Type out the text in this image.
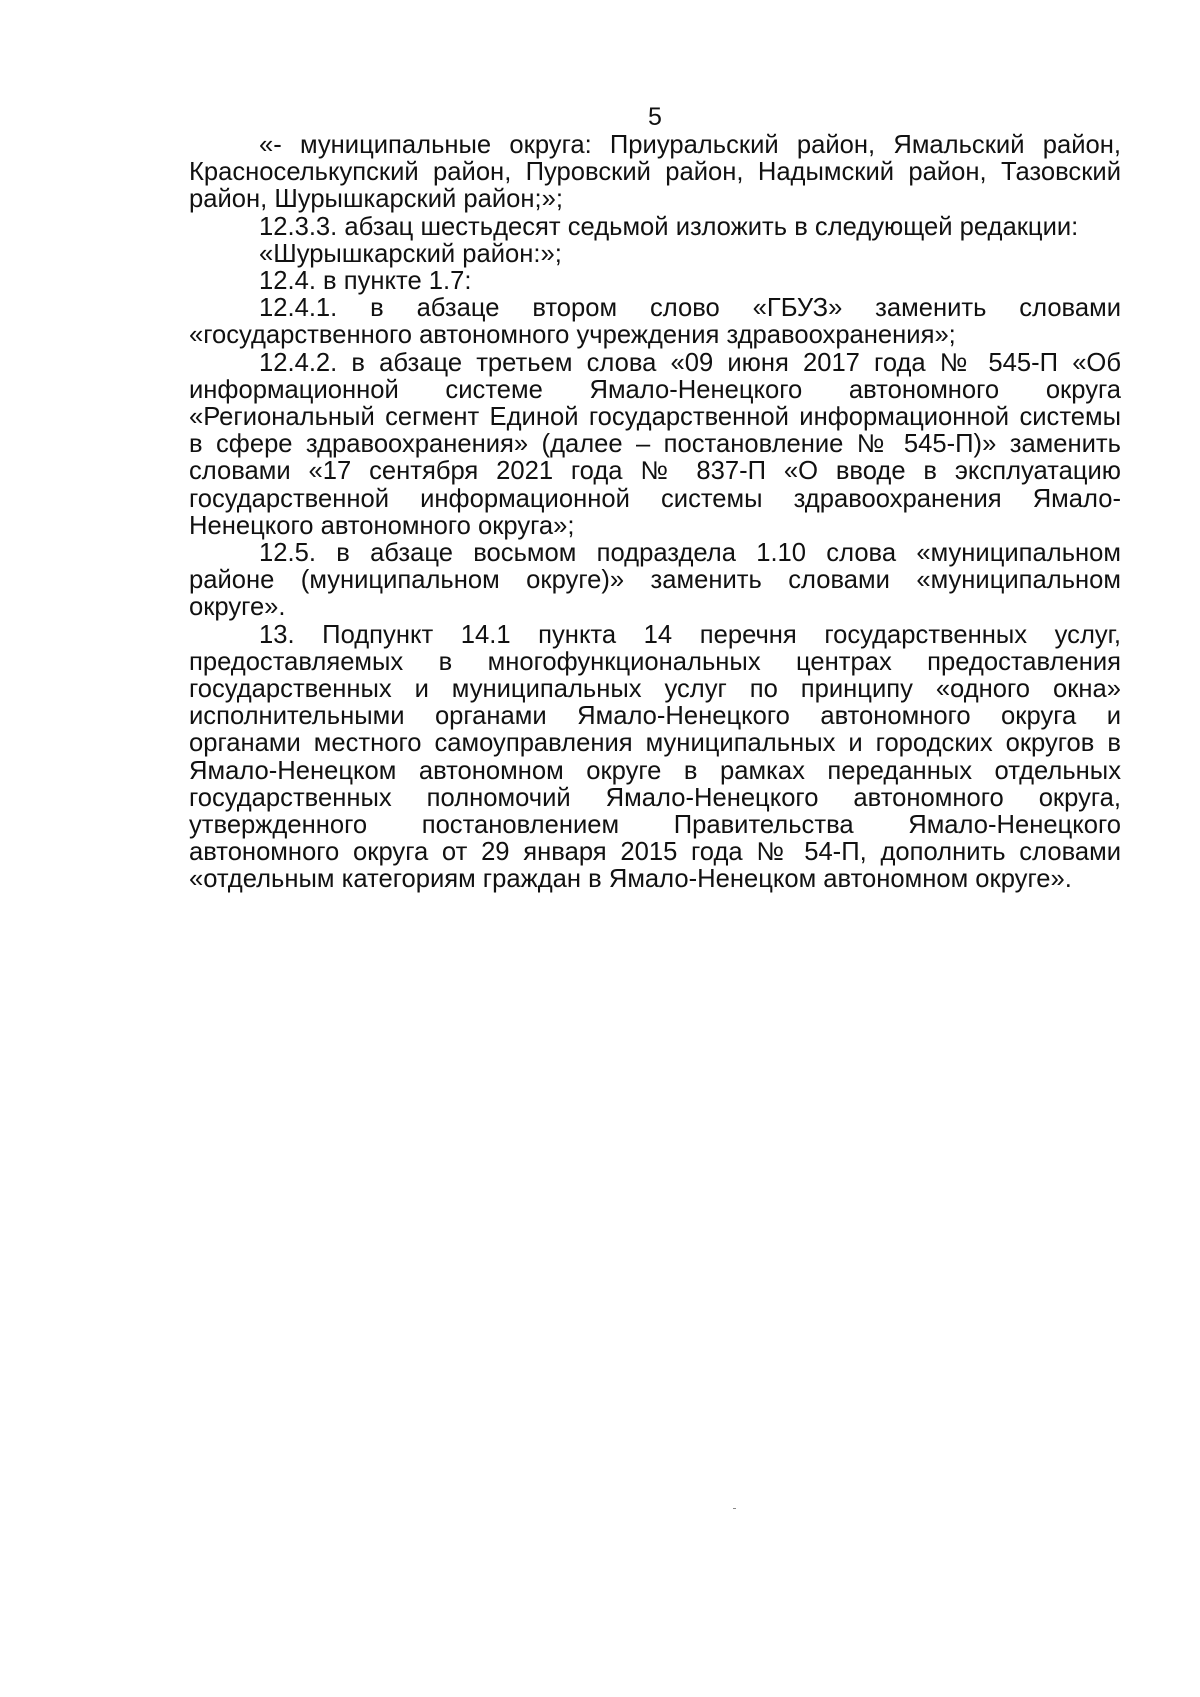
5

«- муниципальные округа: Приуральский район, Ямальский район, Красноселькупский район, Пуровский район, Надымский район, Тазовский район, Шурышкарский район;»;

12.3.3. абзац шестьдесят седьмой изложить в следующей редакции:

«Шурышкарский район:»;

12.4. в пункте 1.7:

12.4.1. в абзаце втором слово «ГБУЗ» заменить словами «государственного автономного учреждения здравоохранения»;

12.4.2. в абзаце третьем слова «09 июня 2017 года № 545-П «Об информационной системе Ямало-Ненецкого автономного округа «Региональный сегмент Единой государственной информационной системы в сфере здравоохранения» (далее – постановление № 545-П)» заменить словами «17 сентября 2021 года № 837-П «О вводе в эксплуатацию государственной информационной системы здравоохранения Ямало-Ненецкого автономного округа»;

12.5. в абзаце восьмом подраздела 1.10 слова «муниципальном районе (муниципальном округе)» заменить словами «муниципальном округе».

13. Подпункт 14.1 пункта 14 перечня государственных услуг, предоставляемых в многофункциональных центрах предоставления государственных и муниципальных услуг по принципу «одного окна» исполнительными органами Ямало-Ненецкого автономного округа и органами местного самоуправления муниципальных и городских округов в Ямало-Ненецком автономном округе в рамках переданных отдельных государственных полномочий Ямало-Ненецкого автономного округа, утвержденного постановлением Правительства Ямало-Ненецкого автономного округа от 29 января 2015 года № 54-П, дополнить словами «отдельным категориям граждан в Ямало-Ненецком автономном округе».
